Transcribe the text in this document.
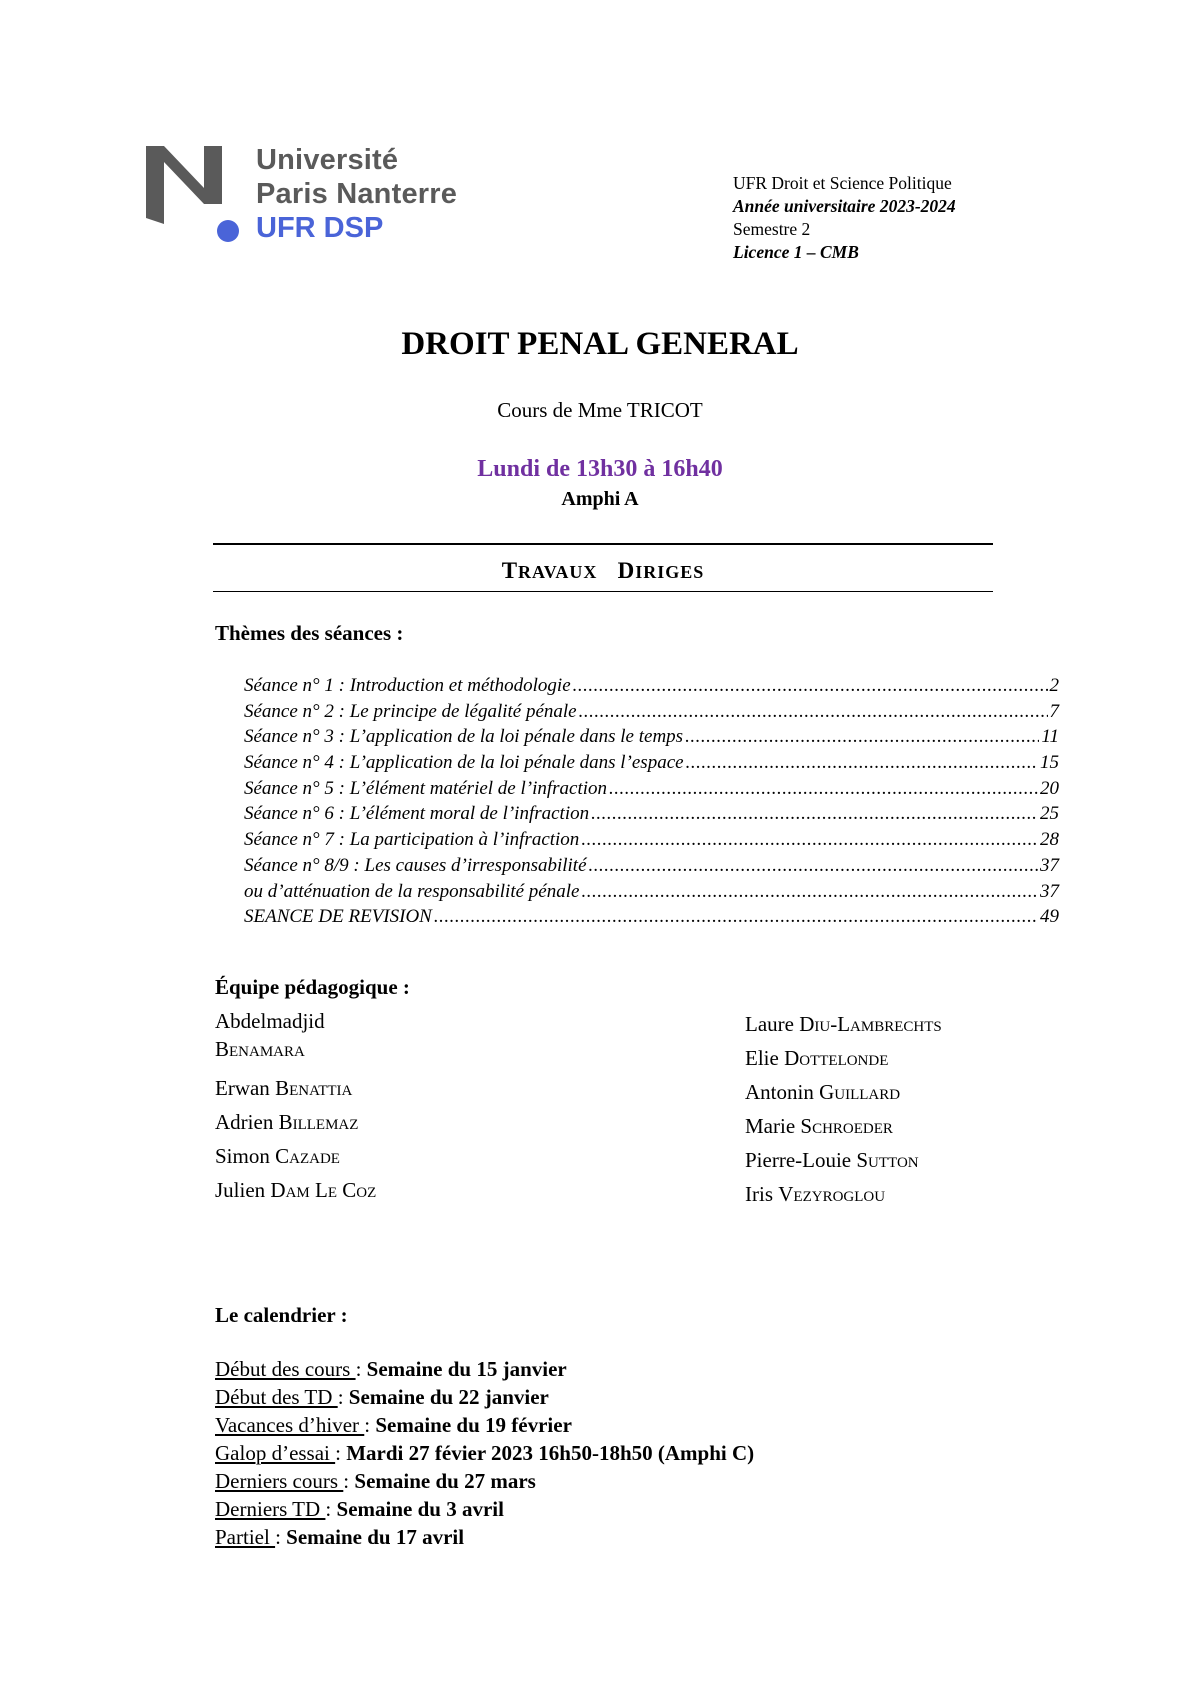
Université
Paris Nanterre
UFR DSP
UFR Droit et Science Politique
Année universitaire 2023-2024
Semestre 2
Licence 1 – CMB
DROIT PENAL GENERAL
Cours de Mme TRICOT
Lundi de 13h30 à 16h40
Amphi A
TRAVAUX DIRIGES
Thèmes des séances :
Séance n° 1 : Introduction et méthodologie .....	2
Séance n° 2 : Le principe de légalité pénale .....	7
Séance n° 3 : L’application de la loi pénale dans le temps .....	11
Séance n° 4 : L’application de la loi pénale dans l’espace .....	15
Séance n° 5 : L’élément matériel de l’infraction .....	20
Séance n° 6 : L’élément moral de l’infraction .....	25
Séance n° 7 : La participation à l’infraction .....	28
Séance n° 8/9 : Les causes d’irresponsabilité .....	37
ou d’atténuation de la responsabilité pénale .....	37
SEANCE DE REVISION .....	49
Équipe pédagogique :
Abdelmadjid
Benamara
Erwan Benattia
Adrien Billemaz
Simon Cazade
Julien Dam Le Coz
Laure Diu-Lambrechts
Elie Dottelonde
Antonin Guillard
Marie Schroeder
Pierre-Louie Sutton
Iris Vezyroglou
Le calendrier :
Début des cours : Semaine du 15 janvier
Début des TD : Semaine du 22 janvier
Vacances d’hiver : Semaine du 19 février
Galop d’essai : Mardi 27 févier 2023 16h50-18h50 (Amphi C)
Derniers cours : Semaine du 27 mars
Derniers TD : Semaine du 3 avril
Partiel : Semaine du 17 avril
